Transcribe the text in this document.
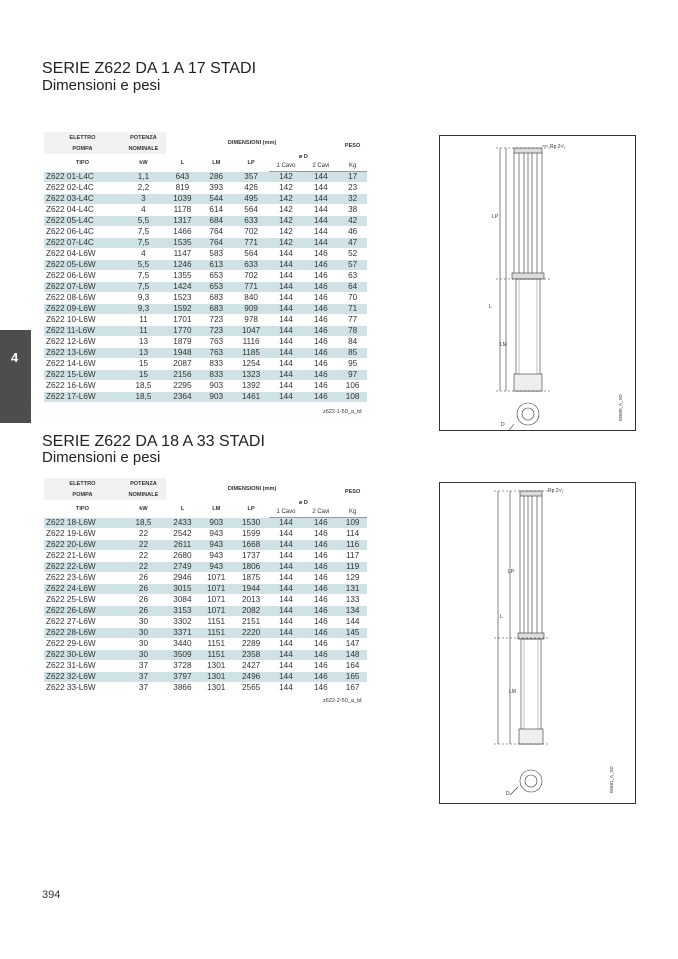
SERIE Z622 DA 1 A 17 STADI
Dimensioni e pesi
ELETTRO	POTENZA	DIMENSIONI (mm)					PESO
POMPA	NOMINALE						
TIPO	kW	L	LM	LP	ø D		
					1 Cavo	2 Cavi	Kg
Z622 01-L4C	1,1	643	286	357	142	144	17
Z622 02-L4C	2,2	819	393	426	142	144	23
Z622 03-L4C	3	1039	544	495	142	144	32
Z622 04-L4C	4	1178	614	564	142	144	38
Z622 05-L4C	5,5	1317	684	633	142	144	42
Z622 06-L4C	7,5	1466	764	702	142	144	46
Z622 07-L4C	7,5	1535	764	771	142	144	47
Z622 04-L6W	4	1147	583	564	144	146	52
Z622 05-L6W	5,5	1246	613	633	144	146	57
Z622 06-L6W	7,5	1355	653	702	144	146	63
Z622 07-L6W	7,5	1424	653	771	144	146	64
Z622 08-L6W	9,3	1523	683	840	144	146	70
Z622 09-L6W	9,3	1592	683	909	144	146	71
Z622 10-L6W	11	1701	723	978	144	146	77
Z622 11-L6W	11	1770	723	1047	144	146	78
Z622 12-L6W	13	1879	763	1116	144	146	84
Z622 13-L6W	13	1948	763	1185	144	146	85
Z622 14-L6W	15	2087	833	1254	144	146	95
Z622 15-L6W	15	2156	833	1323	144	146	97
Z622 16-L6W	18,5	2295	903	1392	144	146	106
Z622 17-L6W	18,5	2364	903	1461	144	146	108
z622-1-50_a_td
Rp 2¹/₂
LP
L
LM
D
05680_A_SD
SERIE Z622 DA 18 A 33 STADI
Dimensioni e pesi
ELETTRO	POTENZA	DIMENSIONI (mm)					PESO
POMPA	NOMINALE						
TIPO	kW	L	LM	LP	ø D		
					1 Cavo	2 Cavi	Kg
Z622 18-L6W	18,5	2433	903	1530	144	146	109
Z622 19-L6W	22	2542	943	1599	144	146	114
Z622 20-L6W	22	2611	943	1668	144	146	116
Z622 21-L6W	22	2680	943	1737	144	146	117
Z622 22-L6W	22	2749	943	1806	144	146	119
Z622 23-L6W	26	2946	1071	1875	144	146	129
Z622 24-L6W	26	3015	1071	1944	144	146	131
Z622 25-L6W	26	3084	1071	2013	144	146	133
Z622 26-L6W	26	3153	1071	2082	144	146	134
Z622 27-L6W	30	3302	1151	2151	144	146	144
Z622 28-L6W	30	3371	1151	2220	144	146	145
Z622 29-L6W	30	3440	1151	2289	144	146	147
Z622 30-L6W	30	3509	1151	2358	144	146	148
Z622 31-L6W	37	3728	1301	2427	144	146	164
Z622 32-L6W	37	3797	1301	2496	144	146	165
Z622 33-L6W	37	3866	1301	2565	144	146	167
z622-2-50_a_td
Rp 2¹/₂
LP
L
LM
D
05681_A_SD
4
394
